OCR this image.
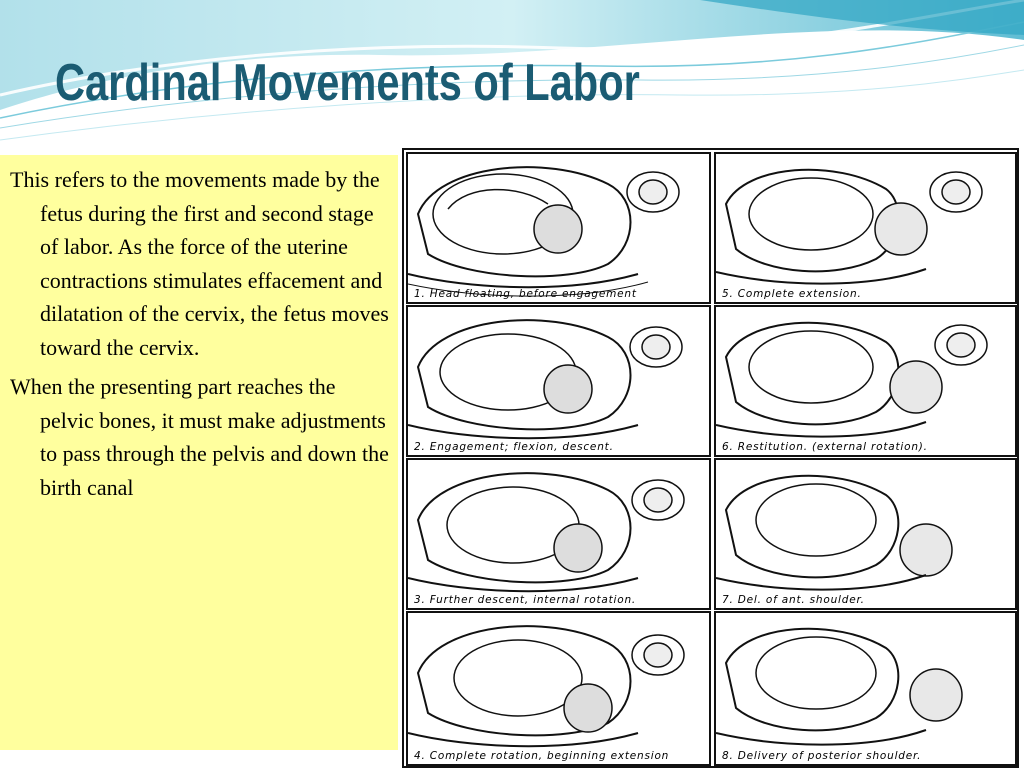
Cardinal Movements of Labor

This refers to the movements made by the fetus during the first and second stage of labor. As the force of the uterine contractions stimulates effacement and dilatation of the cervix, the fetus moves toward the cervix.

When the presenting part reaches the pelvic bones, it must make adjustments to pass through the pelvis and down the birth canal

1. Head floating, before engagement
2. Engagement; flexion, descent.
3. Further descent, internal rotation.
4. Complete rotation, beginning extension
5. Complete extension.
6. Restitution. (external rotation).
7. Del. of ant. shoulder.
8. Delivery of posterior shoulder.
